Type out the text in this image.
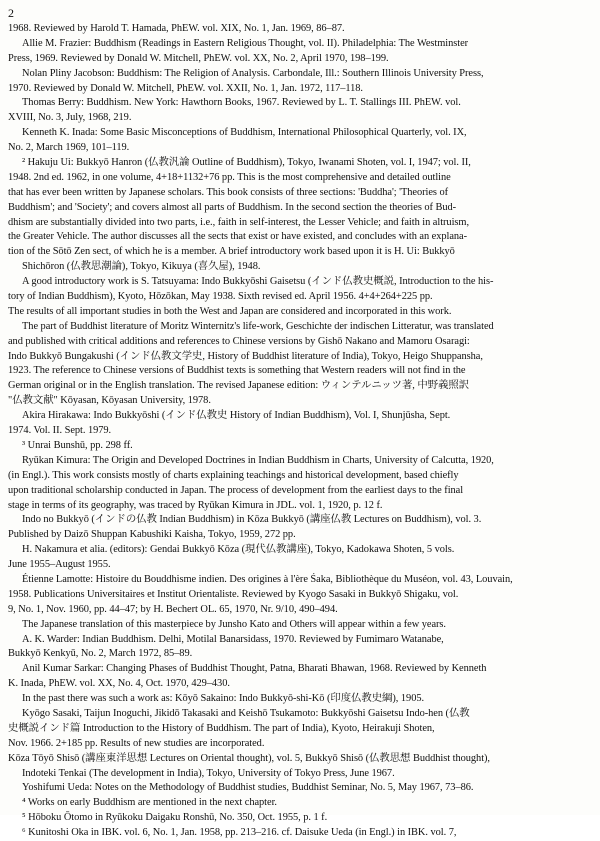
2
1968. Reviewed by Harold T. Hamada, PhEW. vol. XIX, No. 1, Jan. 1969, 86–87.
Allie M. Frazier: Buddhism (Readings in Eastern Religious Thought, vol. II). Philadelphia: The Westminster
Press, 1969. Reviewed by Donald W. Mitchell, PhEW. vol. XX, No. 2, April 1970, 198–199.
Nolan Pliny Jacobson: Buddhism: The Religion of Analysis. Carbondale, Ill.: Southern Illinois University Press,
1970. Reviewed by Donald W. Mitchell, PhEW. vol. XXII, No. 1, Jan. 1972, 117–118.
Thomas Berry: Buddhism. New York: Hawthorn Books, 1967. Reviewed by L. T. Stallings III. PhEW. vol.
XVIII, No. 3, July, 1968, 219.
Kenneth K. Inada: Some Basic Misconceptions of Buddhism, International Philosophical Quarterly, vol. IX,
No. 2, March 1969, 101–119.
² Hakuju Ui: Bukkyō Hanron (仏教汎論 Outline of Buddhism), Tokyo, Iwanami Shoten, vol. I, 1947; vol. II,
1948. 2nd ed. 1962, in one volume, 4+18+1132+76 pp. This is the most comprehensive and detailed outline
that has ever been written by Japanese scholars. This book consists of three sections: 'Buddha'; 'Theories of
Buddhism'; and 'Society'; and covers almost all parts of Buddhism. In the second section the theories of Bud-
dhism are substantially divided into two parts, i.e., faith in self-interest, the Lesser Vehicle; and faith in altruism,
the Greater Vehicle. The author discusses all the sects that exist or have existed, and concludes with an explana-
tion of the Sōtō Zen sect, of which he is a member. A brief introductory work based upon it is H. Ui: Bukkyō
Shichōron (仏教思潮論), Tokyo, Kikuya (喜久屋), 1948.
A good introductory work is S. Tatsuyama: Indo Bukkyōshi Gaisetsu (インド仏教史概説, Introduction to the his-
tory of Indian Buddhism), Kyoto, Hōzōkan, May 1938. Sixth revised ed. April 1956. 4+4+264+225 pp.
The results of all important studies in both the West and Japan are considered and incorporated in this work.
The part of Buddhist literature of Moritz Winternitz's life-work, Geschichte der indischen Litteratur, was translated
and published with critical additions and references to Chinese versions by Gishō Nakano and Mamoru Osaragi:
Indo Bukkyō Bungakushi (インド仏教文学史, History of Buddhist literature of India), Tokyo, Heigo Shuppansha,
1923. The reference to Chinese versions of Buddhist texts is something that Western readers will not find in the
German original or in the English translation. The revised Japanese edition: ウィンテルニッツ著, 中野義照訳
"仏教文献" Kōyasan, Kōyasan University, 1978.
Akira Hirakawa: Indo Bukkyōshi (インド仏教史 History of Indian Buddhism), Vol. I, Shunjūsha, Sept.
1974. Vol. II. Sept. 1979.
³ Unrai Bunshū, pp. 298 ff.
Ryūkan Kimura: The Origin and Developed Doctrines in Indian Buddhism in Charts, University of Calcutta, 1920,
(in Engl.). This work consists mostly of charts explaining teachings and historical development, based chiefly
upon traditional scholarship conducted in Japan. The process of development from the earliest days to the final
stage in terms of its geography, was traced by Ryūkan Kimura in JDL. vol. 1, 1920, p. 12 f.
Indo no Bukkyō (インドの仏教 Indian Buddhism) in Kōza Bukkyō (講座仏教 Lectures on Buddhism), vol. 3.
Published by Daizō Shuppan Kabushiki Kaisha, Tokyo, 1959, 272 pp.
H. Nakamura et alia. (editors): Gendai Bukkyō Kōza (現代仏教講座), Tokyo, Kadokawa Shoten, 5 vols.
June 1955–August 1955.
Étienne Lamotte: Histoire du Bouddhisme indien. Des origines à l'ère Śaka, Bibliothèque du Muséon, vol. 43, Louvain,
1958. Publications Universitaires et Institut Orientaliste. Reviewed by Kyogo Sasaki in Bukkyō Shigaku, vol.
9, No. 1, Nov. 1960, pp. 44–47; by H. Bechert OL. 65, 1970, Nr. 9/10, 490–494.
The Japanese translation of this masterpiece by Junsho Kato and Others will appear within a few years.
A. K. Warder: Indian Buddhism. Delhi, Motilal Banarsidass, 1970. Reviewed by Fumimaro Watanabe,
Bukkyō Kenkyū, No. 2, March 1972, 85–89.
Anil Kumar Sarkar: Changing Phases of Buddhist Thought, Patna, Bharati Bhawan, 1968. Reviewed by Kenneth
K. Inada, PhEW. vol. XX, No. 4, Oct. 1970, 429–430.
In the past there was such a work as: Kōyō Sakaino: Indo Bukkyō-shi-Kō (印度仏教史綱), 1905.
Kyōgo Sasaki, Taijun Inoguchi, Jikidō Takasaki and Keishō Tsukamoto: Bukkyōshi Gaisetsu Indo-hen (仏教
史概説インド篇 Introduction to the History of Buddhism. The part of India), Kyoto, Heirakuji Shoten,
Nov. 1966. 2+185 pp. Results of new studies are incorporated.
Kōza Tōyō Shisō (講座東洋思想 Lectures on Oriental thought), vol. 5, Bukkyō Shisō (仏教思想 Buddhist thought),
Indoteki Tenkai (The development in India), Tokyo, University of Tokyo Press, June 1967.
Yoshifumi Ueda: Notes on the Methodology of Buddhist studies, Buddhist Seminar, No. 5, May 1967, 73–86.
⁴ Works on early Buddhism are mentioned in the next chapter.
⁵ Hōboku Ōtomo in Ryūkoku Daigaku Ronshū, No. 350, Oct. 1955, p. 1 f.
⁶ Kunitoshi Oka in IBK. vol. 6, No. 1, Jan. 1958, pp. 213–216. cf. Daisuke Ueda (in Engl.) in IBK. vol. 7,
